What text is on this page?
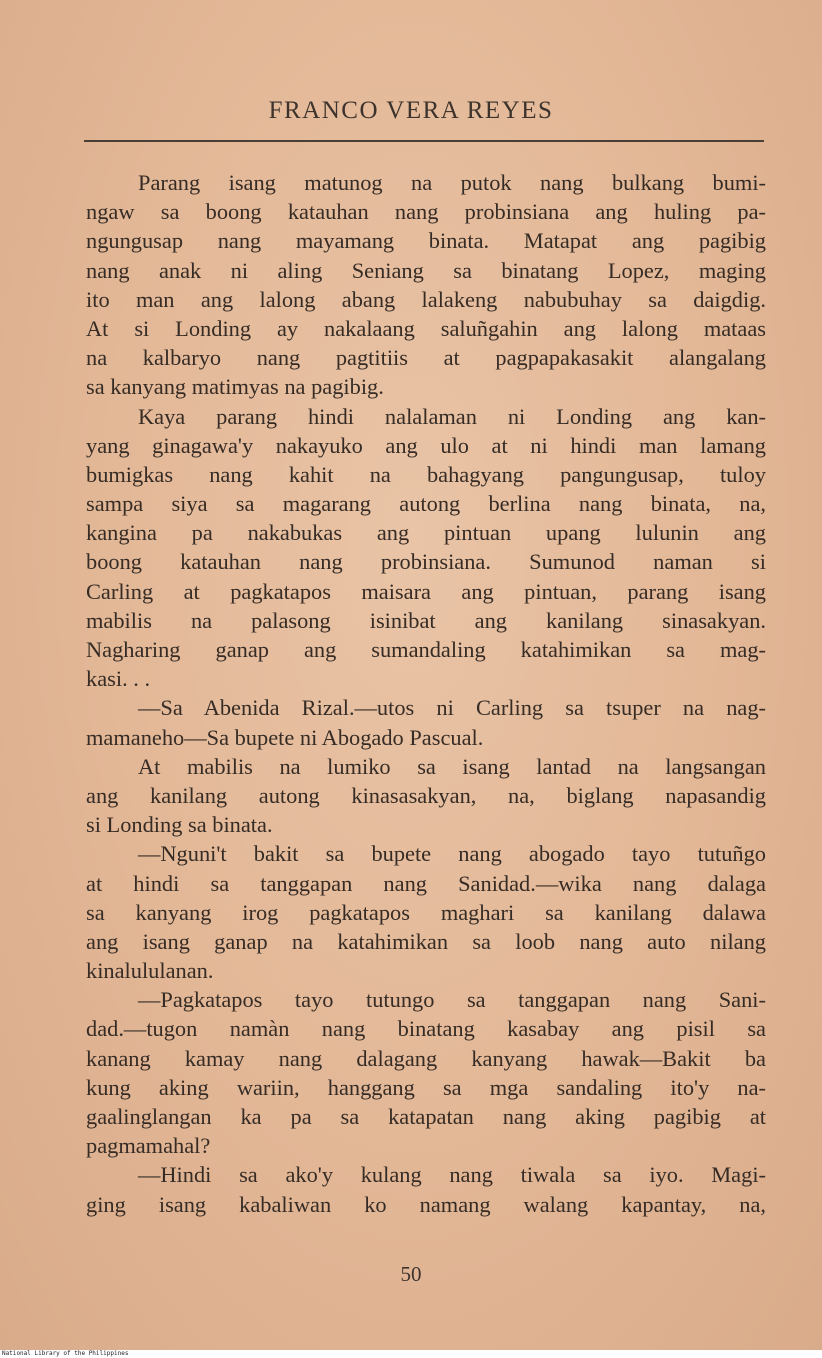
FRANCO VERA REYES
Parang isang matunog na putok nang bulkang bumi-
ngaw sa boong katauhan nang probinsiana ang huling pa-
ngungusap nang mayamang binata. Matapat ang pagibig
nang anak ni aling Seniang sa binatang Lopez, maging
ito man ang lalong abang lalakeng nabubuhay sa daigdig.
At si Londing ay nakalaang saluñgahin ang lalong mataas
na kalbaryo nang pagtitiis at pagpapakasakit alangalang
sa kanyang matimyas na pagibig.
Kaya parang hindi nalalaman ni Londing ang kan-
yang ginagawa'y nakayuko ang ulo at ni hindi man lamang
bumigkas nang kahit na bahagyang pangungusap, tuloy
sampa siya sa magarang autong berlina nang binata, na,
kangina pa nakabukas ang pintuan upang lulunin ang
boong katauhan nang probinsiana. Sumunod naman si
Carling at pagkatapos maisara ang pintuan, parang isang
mabilis na palasong isinibat ang kanilang sinasakyan.
Nagharing ganap ang sumandaling katahimikan sa mag-
kasi. . .
—Sa Abenida Rizal.—utos ni Carling sa tsuper na nag-
mamaneho—Sa bupete ni Abogado Pascual.
At mabilis na lumiko sa isang lantad na langsangan
ang kanilang autong kinasasakyan, na, biglang napasandig
si Londing sa binata.
—Nguni't bakit sa bupete nang abogado tayo tutuñgo
at hindi sa tanggapan nang Sanidad.—wika nang dalaga
sa kanyang irog pagkatapos maghari sa kanilang dalawa
ang isang ganap na katahimikan sa loob nang auto nilang
kinalululanan.
—Pagkatapos tayo tutungo sa tanggapan nang Sani-
dad.—tugon namàn nang binatang kasabay ang pisil sa
kanang kamay nang dalagang kanyang hawak—Bakit ba
kung aking wariin, hanggang sa mga sandaling ito'y na-
gaalinglangan ka pa sa katapatan nang aking pagibig at
pagmamahal?
—Hindi sa ako'y kulang nang tiwala sa iyo. Magi-
ging isang kabaliwan ko namang walang kapantay, na,
50
National Library of the Philippines
